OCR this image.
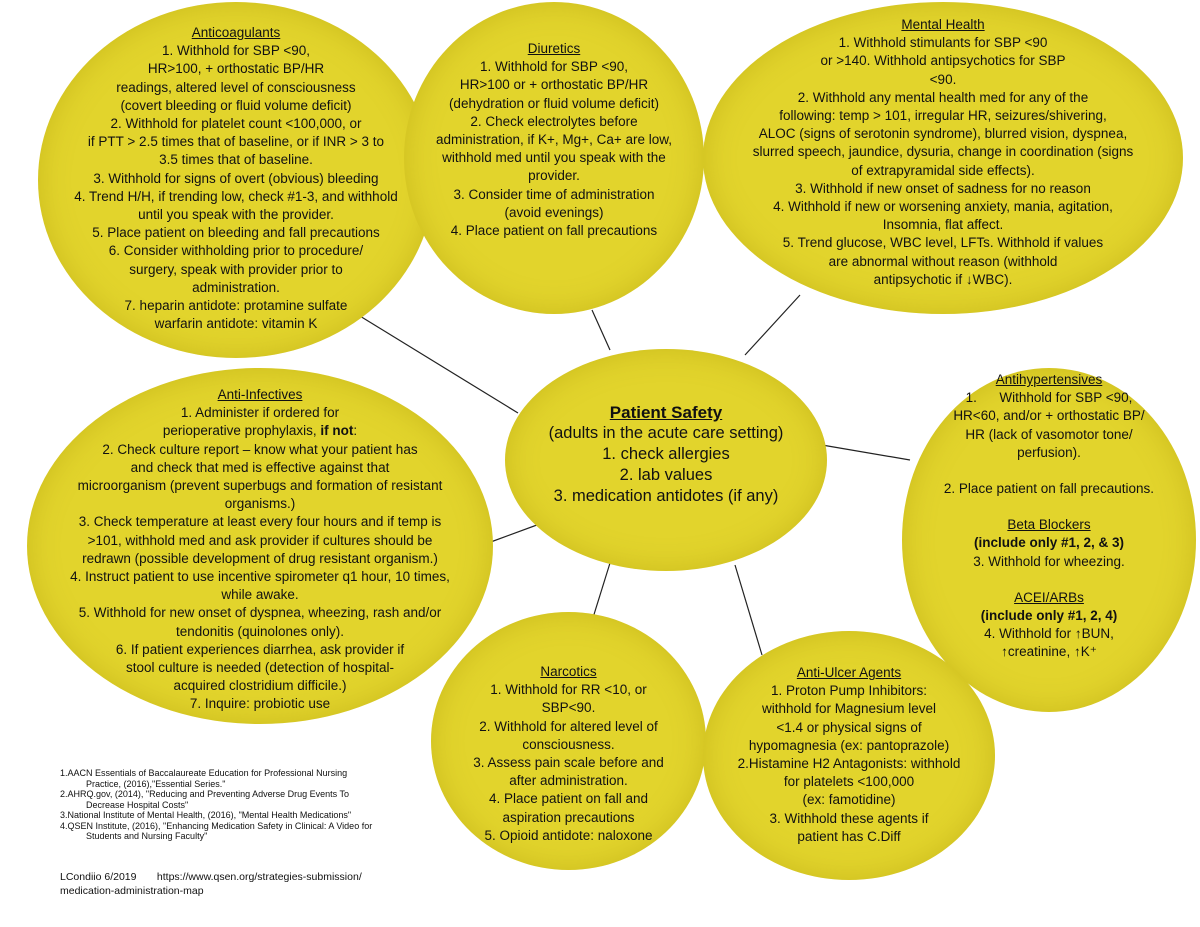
Anticoagulants

1. Withhold for SBP <90,

HR>100, + orthostatic BP/HR

readings, altered level of consciousness

(covert bleeding or fluid volume deficit)

2. Withhold for platelet count <100,000, or

if PTT > 2.5 times that of baseline, or if INR > 3 to

3.5 times that of baseline.

3. Withhold for signs of overt (obvious) bleeding

4. Trend H/H, if trending low, check #1-3, and withhold

until you speak with the provider.

5. Place patient on bleeding and fall precautions

6. Consider withholding prior to procedure/

surgery, speak with provider prior to

administration.

7. heparin antidote: protamine sulfate

warfarin antidote: vitamin K

Diuretics

1. Withhold for SBP <90,

HR>100 or + orthostatic BP/HR

(dehydration or fluid volume deficit)

2. Check electrolytes before

administration, if K+, Mg+, Ca+ are low,

withhold med until you speak with the

provider.

3. Consider time of administration

(avoid evenings)

4. Place patient on fall precautions

Mental Health

1. Withhold stimulants for SBP <90

or >140. Withhold antipsychotics for SBP

<90.

2. Withhold any mental health med for any of the

following: temp > 101, irregular HR, seizures/shivering,

ALOC (signs of serotonin syndrome), blurred vision, dyspnea,

slurred speech, jaundice, dysuria, change in coordination (signs

of extrapyramidal side effects).

3. Withhold if new onset of sadness for no reason

4. Withhold if new or worsening anxiety, mania, agitation,

Insomnia, flat affect.

5. Trend glucose, WBC level, LFTs. Withhold if values

are abnormal without reason (withhold

antipsychotic if ↓WBC).

Patient Safety

(adults in the acute care setting)

1. check allergies

2. lab values

3. medication antidotes (if any)

Anti-Infectives

1. Administer if ordered for

perioperative prophylaxis, if not:

2. Check culture report – know what your patient has

and check that med is effective against that

microorganism (prevent superbugs and formation of resistant

organisms.)

3. Check temperature at least every four hours and if temp is

>101, withhold med and ask provider if cultures should be

redrawn (possible development of drug resistant organism.)

4. Instruct patient to use incentive spirometer q1 hour, 10 times,

while awake.

5. Withhold for new onset of dyspnea, wheezing, rash and/or

tendonitis (quinolones only).

6. If patient experiences diarrhea, ask provider if

stool culture is needed (detection of hospital-

acquired clostridium difficile.)

7. Inquire: probiotic use

Antihypertensives

1.      Withhold for SBP <90,

HR<60, and/or + orthostatic BP/

HR (lack of vasomotor tone/

perfusion).

2. Place patient on fall precautions.

Beta Blockers

(include only #1, 2, & 3)

3. Withhold for wheezing.

ACEI/ARBs

(include only #1, 2, 4)

4. Withhold for ↑BUN,

↑creatinine, ↑K⁺

Narcotics

1. Withhold for RR <10, or

SBP<90.

2. Withhold for altered level of

consciousness.

3. Assess pain scale before and

after administration.

4. Place patient on fall and

aspiration precautions

5. Opioid antidote: naloxone

Anti-Ulcer Agents

1. Proton Pump Inhibitors:

withhold for Magnesium level

<1.4 or physical signs of

hypomagnesia (ex: pantoprazole)

2.Histamine H2 Antagonists: withhold

for platelets <100,000

(ex: famotidine)

3. Withhold these agents if

patient has C.Diff

1.AACN Essentials of Baccalaureate Education for Professional Nursing

Practice, (2016),"Essential Series."

2.AHRQ.gov, (2014), "Reducing and Preventing Adverse Drug Events To

Decrease Hospital Costs"

3.National Institute of Mental Health, (2016), "Mental Health Medications"

4.QSEN Institute, (2016), "Enhancing Medication Safety in Clinical: A Video for

Students and Nursing Faculty"

LCondiio 6/2019       https://www.qsen.org/strategies-submission/
medication-administration-map
